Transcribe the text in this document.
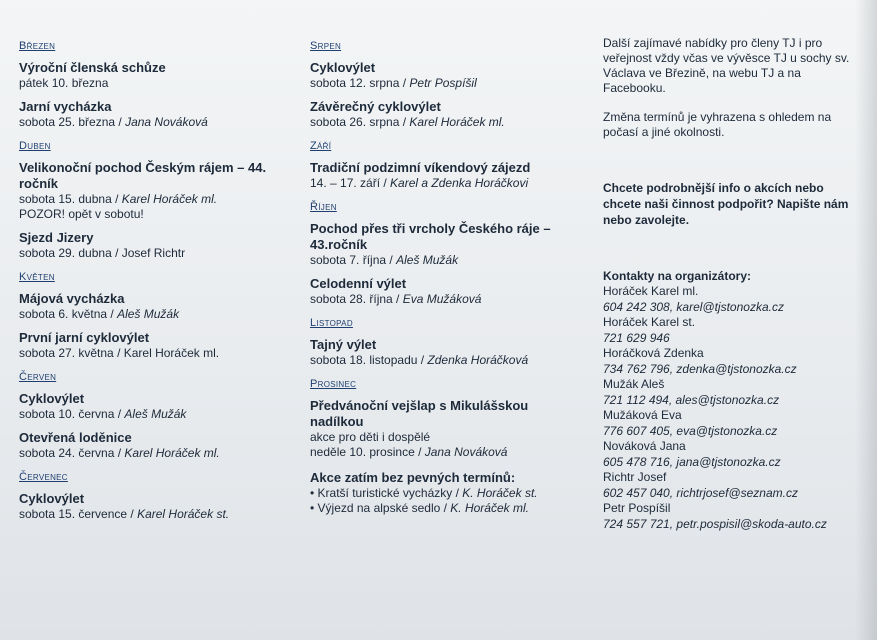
Březen
Výroční členská schůze
pátek 10. března
Jarní vycházka
sobota 25. března / Jana Nováková
Duben
Velikonoční pochod Českým rájem – 44. ročník
sobota 15. dubna / Karel Horáček ml.
POZOR! opět v sobotu!
Sjezd Jizery
sobota 29. dubna / Josef Richtr
Květen
Májová vycházka
sobota 6. května / Aleš Mužák
První jarní cyklovýlet
sobota 27. května / Karel Horáček ml.
Červen
Cyklovýlet
sobota 10. června / Aleš Mužák
Otevřená loděnice
sobota 24. června / Karel Horáček ml.
Červenec
Cyklovýlet
sobota 15. července / Karel Horáček st.
Srpen
Cyklovýlet
sobota 12. srpna / Petr Pospíšil
Závěrečný cyklovýlet
sobota 26. srpna / Karel Horáček ml.
Září
Tradiční podzimní víkendový zájezd
14. – 17. září / Karel a Zdenka Horáčkovi
Říjen
Pochod přes tři vrcholy Českého ráje – 43.ročník
sobota 7. října / Aleš Mužák
Celodenní výlet
sobota 28. října / Eva Mužáková
Listopad
Tajný výlet
sobota 18. listopadu / Zdenka Horáčková
Prosinec
Předvánoční vejšlap s Mikulášskou nadílkou
akce pro děti i dospělé
neděle 10. prosince / Jana Nováková
Akce zatím bez pevných termínů:
• Kratší turistické vycházky / K. Horáček st.
• Výjezd na alpské sedlo / K. Horáček ml.

Další zajímavé nabídky pro členy TJ i pro veřejnost vždy včas ve vývěsce TJ u sochy sv. Václava ve Březině, na webu TJ a na Facebooku.

Změna termínů je vyhrazena s ohledem na počasí a jiné okolnosti.

Chcete podrobnější info o akcích nebo chcete naši činnost podpořit? Napište nám nebo zavolejte.

Kontakty na organizátory:
Horáček Karel ml.
604 242 308, karel@tjstonozka.cz
Horáček Karel st.
721 629 946
Horáčková Zdenka
734 762 796, zdenka@tjstonozka.cz
Mužák Aleš
721 112 494, ales@tjstonozka.cz
Mužáková Eva
776 607 405, eva@tjstonozka.cz
Nováková Jana
605 478 716, jana@tjstonozka.cz
Richtr Josef
602 457 040, richtrjosef@seznam.cz
Petr Pospíšil
724 557 721, petr.pospisil@skoda-auto.cz
